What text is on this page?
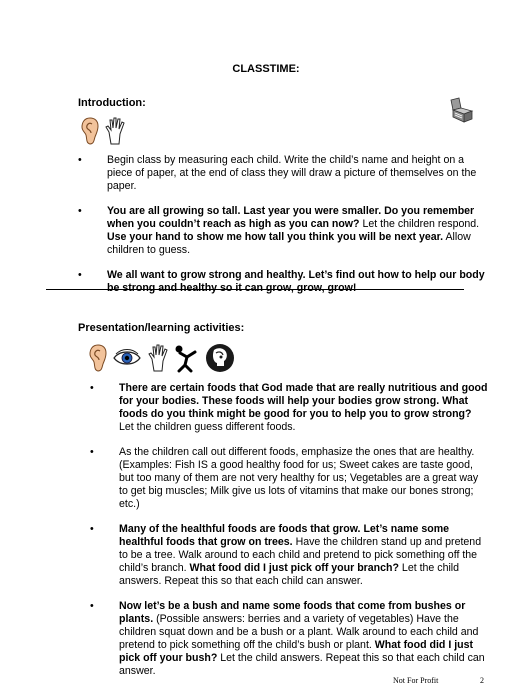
CLASSTIME:
Introduction:

• Begin class by measuring each child. Write the child’s name and height on a piece of paper, at the end of class they will draw a picture of themselves on the paper.
• You are all growing so tall. Last year you were smaller. Do you remember when you couldn’t reach as high as you can now? Let the children respond. Use your hand to show me how tall you think you will be next year. Allow children to guess.
• We all want to grow strong and healthy. Let’s find out how to help our body be strong and healthy so it can grow, grow, grow!
Presentation/learning activities:

• There are certain foods that God made that are really nutritious and good for your bodies. These foods will help your bodies grow strong. What foods do you think might be good for you to help you to grow strong? Let the children guess different foods.
• As the children call out different foods, emphasize the ones that are healthy. (Examples: Fish IS a good healthy food for us; Sweet cakes are taste good, but too many of them are not very healthy for us; Vegetables are a great way to get big muscles; Milk give us lots of vitamins that make our bones strong; etc.)
• Many of the healthful foods are foods that grow. Let’s name some healthful foods that grow on trees. Have the children stand up and pretend to be a tree. Walk around to each child and pretend to pick something off the child’s branch. What food did I just pick off your branch? Let the child answers. Repeat this so that each child can answer.
• Now let’s be a bush and name some foods that come from bushes or plants. (Possible answers: berries and a variety of vegetables) Have the children squat down and be a bush or a plant. Walk around to each child and pretend to pick something off the child’s bush or plant. What food did I just pick off your bush? Let the child answers. Repeat this so that each child can answer.
Not For Profit	2
